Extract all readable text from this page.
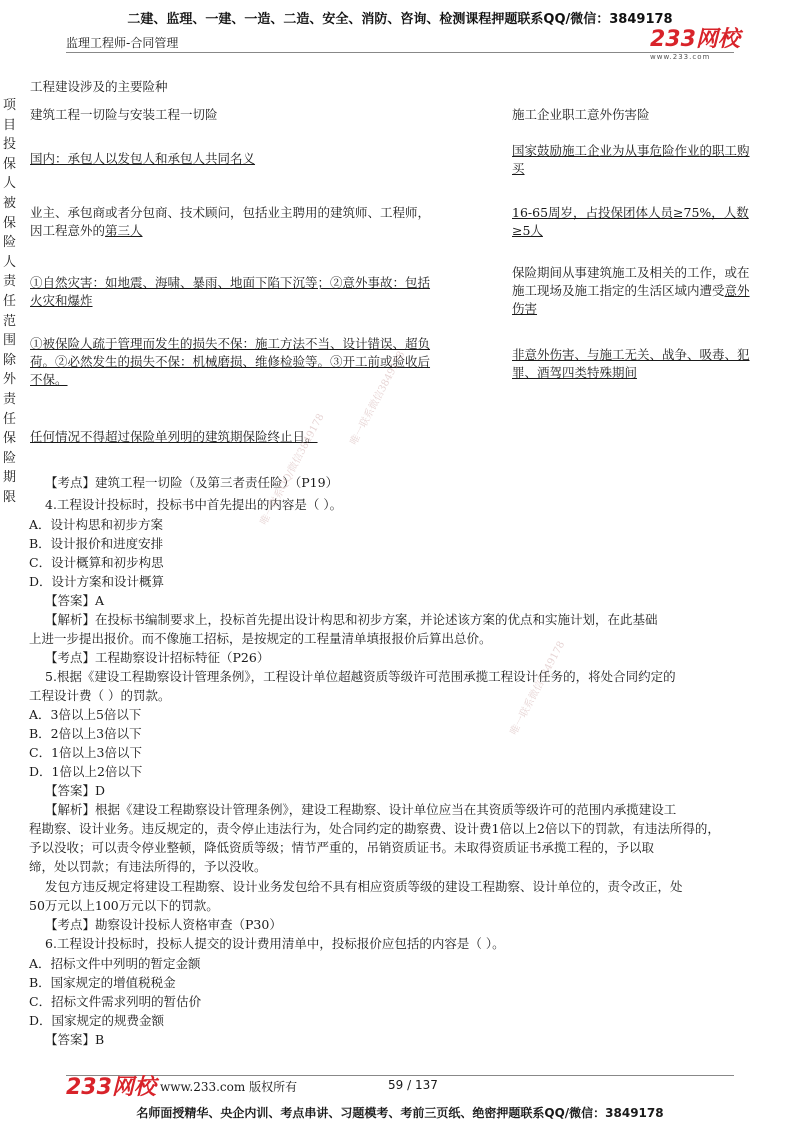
二建、监理、一建、一造、二造、安全、消防、咨询、检测课程押题联系QQ/微信：3849178
监理工程师-合同管理	233网校
www.233.com
工程建设涉及的主要险种
项目投保人被保险人责任范围除外责任保险期限
建筑工程一切险与安装工程一切险
国内：承包人以发包人和承包人共同名义
业主、承包商或者分包商、技术顾问，包括业主聘用的建筑师、工程师，
因工程意外的第三人
①自然灾害：如地震、海啸、暴雨、地面下陷下沉等；②意外事故：包括
火灾和爆炸
①被保险人疏于管理而发生的损失不保：施工方法不当、设计错误、超负
荷。②必然发生的损失不保：机械磨损、维修检验等。③开工前或验收后
不保。
任何情况不得超过保险单列明的建筑期保险终止日。
施工企业职工意外伤害险
国家鼓励施工企业为从事危险作业的职工购
买
16-65周岁，占投保团体人员≥75%，人数
≥5人
保险期间从事建筑施工及相关的工作，或在
施工现场及施工指定的生活区域内遭受意外
伤害
非意外伤害、与施工无关、战争、吸毒、犯
罪、酒驾四类特殊期间
【考点】建筑工程一切险（及第三者责任险）（P19）
4.工程设计投标时，投标书中首先提出的内容是（ ）。
A．设计构思和初步方案
B．设计报价和进度安排
C．设计概算和初步构思
D．设计方案和设计概算
【答案】A
【解析】在投标书编制要求上，投标首先提出设计构思和初步方案，并论述该方案的优点和实施计划，在此基础
上进一步提出报价。而不像施工招标，是按规定的工程量清单填报报价后算出总价。
【考点】工程勘察设计招标特征（P26）
5.根据《建设工程勘察设计管理条例》，工程设计单位超越资质等级许可范围承揽工程设计任务的，将处合同约定的
工程设计费（ ）的罚款。
A．3倍以上5倍以下
B．2倍以上3倍以下
C．1倍以上3倍以下
D．1倍以上2倍以下
【答案】D
【解析】根据《建设工程勘察设计管理条例》，建设工程勘察、设计单位应当在其资质等级许可的范围内承揽建设工
程勘察、设计业务。违反规定的，责令停止违法行为，处合同约定的勘察费、设计费1倍以上2倍以下的罚款，有违法所得的，
予以没收；可以责令停业整顿，降低资质等级；情节严重的，吊销资质证书。未取得资质证书承揽工程的，予以取
缔，处以罚款；有违法所得的，予以没收。
发包方违反规定将建设工程勘察、设计业务发包给不具有相应资质等级的建设工程勘察、设计单位的，责令改正，处
50万元以上100万元以下的罚款。
【考点】勘察设计投标人资格审查（P30）
6.工程设计投标时，投标人提交的设计费用清单中，投标报价应包括的内容是（ ）。
A．招标文件中列明的暂定金额
B．国家规定的增值税税金
C．招标文件需求列明的暂估价
D．国家规定的规费金额
【答案】B
唯一联系QQ/微信3849178
唯一联系微信3849178
唯一联系微信3849178
233网校 www.233.com 版权所有	59 / 137
名师面授精华、央企内训、考点串讲、习题模考、考前三页纸、绝密押题联系QQ/微信：3849178
